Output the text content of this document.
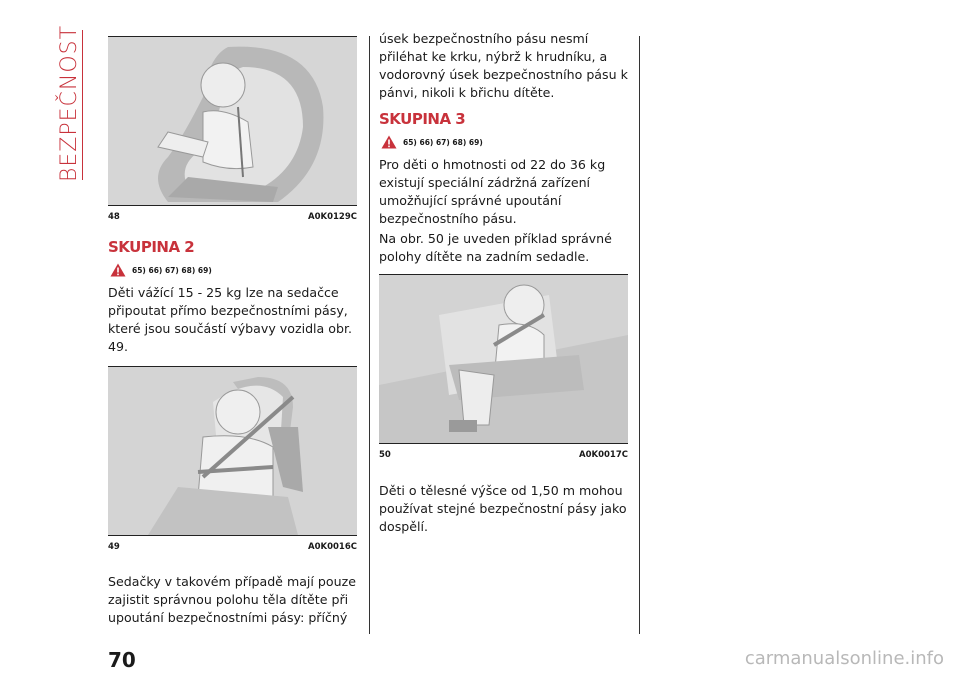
BEZPEČNOST
48	A0K0129C
SKUPINA 2
65) 66) 67) 68) 69)
Děti vážící 15 - 25 kg lze na sedačce připoutat přímo bezpečnostními pásy, které jsou součástí výbavy vozidla obr. 49.
49	A0K0016C
Sedačky v takovém případě mají pouze zajistit správnou polohu těla dítěte při upoutání bezpečnostními pásy: příčný
úsek bezpečnostního pásu nesmí přiléhat ke krku, nýbrž k hrudníku, a vodorovný úsek bezpečnostního pásu k pánvi, nikoli k břichu dítěte.
SKUPINA 3
65) 66) 67) 68) 69)
Pro děti o hmotnosti od 22 do 36 kg existují speciální zádržná zařízení umožňující správné upoutání bezpečnostního pásu.
Na obr. 50 je uveden příklad správné polohy dítěte na zadním sedadle.
50	A0K0017C
Děti o tělesné výšce od 1,50 m mohou používat stejné bezpečnostní pásy jako dospělí.
70	carmanualsonline.info
